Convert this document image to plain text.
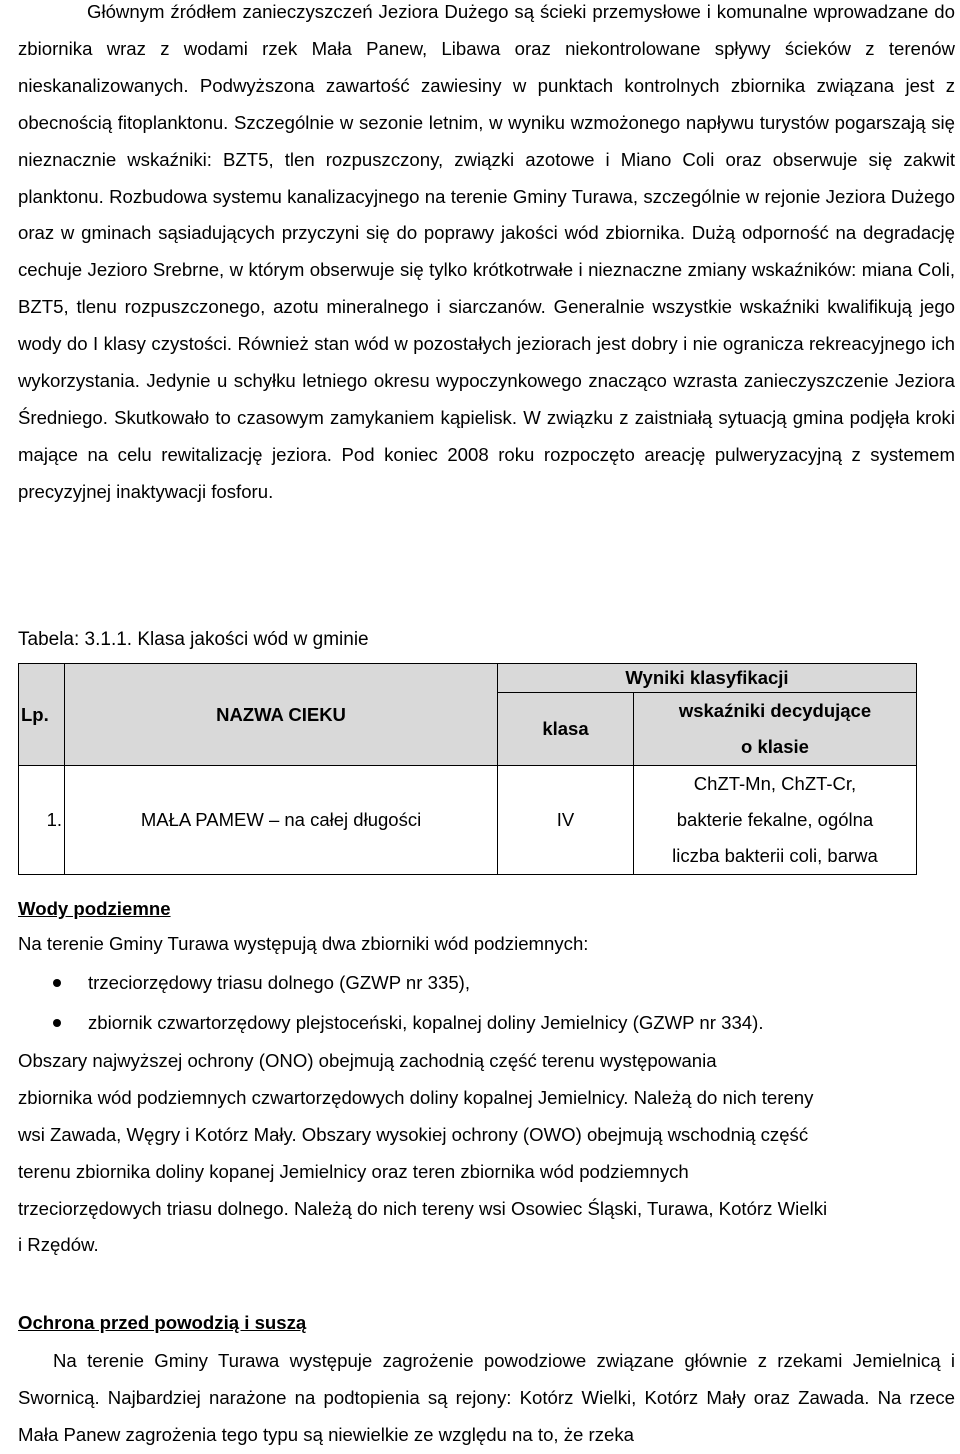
Głównym źródłem zanieczyszczeń Jeziora Dużego są ścieki przemysłowe i komunalne wprowadzane do zbiornika wraz z wodami rzek Mała Panew, Libawa oraz niekontrolowane spływy ścieków z terenów nieskanalizowanych. Podwyższona zawartość zawiesiny w punktach kontrolnych zbiornika związana jest z obecnością fitoplanktonu. Szczególnie w sezonie letnim, w wyniku wzmożonego napływu turystów pogarszają się nieznacznie wskaźniki: BZT5, tlen rozpuszczony, związki azotowe i Miano Coli oraz obserwuje się zakwit planktonu. Rozbudowa systemu kanalizacyjnego na terenie Gminy Turawa, szczególnie w rejonie Jeziora Dużego oraz w gminach sąsiadujących przyczyni się do poprawy jakości wód zbiornika. Dużą odporność na degradację cechuje Jezioro Srebrne, w którym obserwuje się tylko krótkotrwałe i nieznaczne zmiany wskaźników: miana Coli, BZT5, tlenu rozpuszczonego, azotu mineralnego i siarczanów. Generalnie wszystkie wskaźniki kwalifikują jego wody do I klasy czystości. Również stan wód w pozostałych jeziorach jest dobry i nie ogranicza rekreacyjnego ich wykorzystania. Jedynie u schyłku letniego okresu wypoczynkowego znacząco wzrasta zanieczyszczenie Jeziora Średniego. Skutkowało to czasowym zamykaniem kąpielisk. W związku z zaistniałą sytuacją gmina podjęła kroki mające na celu rewitalizację jeziora. Pod koniec 2008 roku rozpoczęto areację pulweryzacyjną z systemem precyzyjnej inaktywacji fosforu.

Tabela: 3.1.1. Klasa jakości wód w gminie

Lp.	NAZWA CIEKU	Wyniki klasyfikacji	
		klasa	wskaźniki decydujące
o klasie
1.	MAŁA PAMEW – na całej długości	IV	ChZT-Mn, ChZT-Cr,
bakterie fekalne, ogólna
liczba bakterii coli, barwa

Wody podziemne

Na terenie Gminy Turawa występują dwa zbiorniki wód podziemnych:

trzeciorzędowy triasu dolnego (GZWP nr 335),
zbiornik czwartorzędowy plejstoceński, kopalnej doliny Jemielnicy (GZWP nr 334).

Obszary najwyższej ochrony (ONO) obejmują zachodnią część terenu występowania

zbiornika wód podziemnych czwartorzędowych doliny kopalnej Jemielnicy. Należą do nich tereny

wsi Zawada, Węgry i Kotórz Mały. Obszary wysokiej ochrony (OWO) obejmują wschodnią część

terenu zbiornika doliny kopanej Jemielnicy oraz teren zbiornika wód podziemnych

trzeciorzędowych triasu dolnego. Należą do nich tereny wsi Osowiec Śląski, Turawa, Kotórz Wielki

i Rzędów.

Ochrona przed powodzią i suszą

Na terenie Gminy Turawa występuje zagrożenie powodziowe związane głównie z rzekami Jemielnicą i Swornicą. Najbardziej narażone na podtopienia są rejony: Kotórz Wielki, Kotórz Mały oraz Zawada. Na rzece Mała Panew zagrożenia tego typu są niewielkie ze względu na to, że rzeka
